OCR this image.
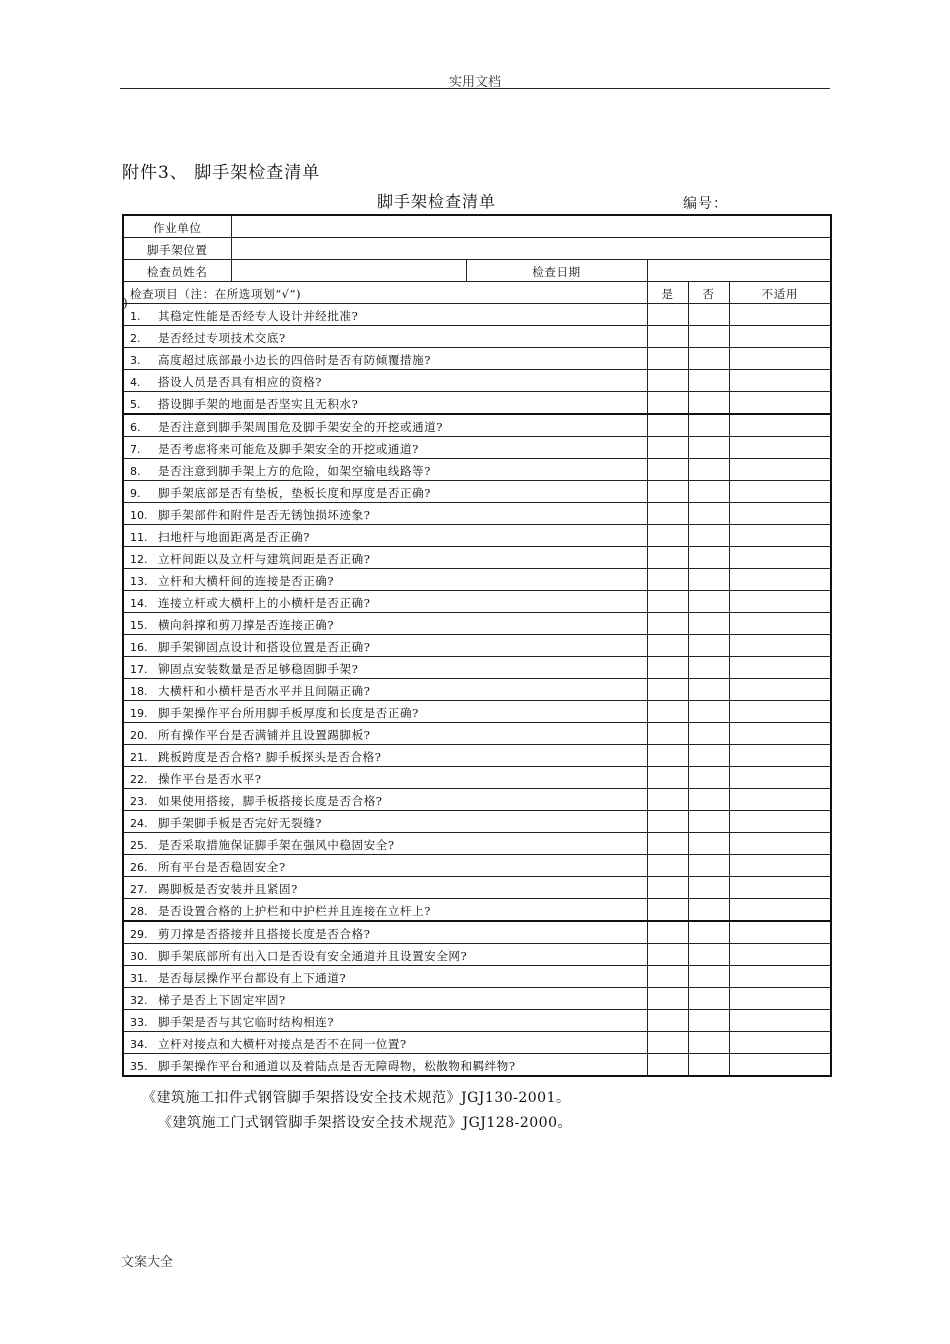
实用文档
附件3、 脚手架检查清单
脚手架检查清单	编号：
作业单位					
脚手架位置					
检查员姓名		检查日期			
检查项目（注：在所选项划“√”)			是	否	不适用

)
1. 其稳定性能是否经专人设计并经批准?					
2. 是否经过专项技术交底?					
3. 高度超过底部最小边长的四倍时是否有防倾覆措施?					
4. 搭设人员是否具有相应的资格?					
5. 搭设脚手架的地面是否坚实且无积水?					
6. 是否注意到脚手架周围危及脚手架安全的开挖或通道?					
7. 是否考虑将来可能危及脚手架安全的开挖或通道?					
8. 是否注意到脚手架上方的危险，如架空输电线路等?					
9. 脚手架底部是否有垫板，垫板长度和厚度是否正确?					
10. 脚手架部件和附件是否无锈蚀损坏迹象?					
11. 扫地杆与地面距离是否正确?					
12. 立杆间距以及立杆与建筑间距是否正确?					
13. 立杆和大横杆间的连接是否正确?					
14. 连接立杆或大横杆上的小横杆是否正确?					
15. 横向斜撑和剪刀撑是否连接正确?					
16. 脚手架铆固点设计和搭设位置是否正确?					
17. 铆固点安装数量是否足够稳固脚手架?					
18. 大横杆和小横杆是否水平并且间隔正确?					
19. 脚手架操作平台所用脚手板厚度和长度是否正确?					
20. 所有操作平台是否满铺并且设置踢脚板?					
21. 跳板跨度是否合格? 脚手板探头是否合格?					
22. 操作平台是否水平?					
23. 如果使用搭接，脚手板搭接长度是否合格?					
24. 脚手架脚手板是否完好无裂缝?					
25. 是否采取措施保证脚手架在强风中稳固安全?					
26. 所有平台是否稳固安全?					
27. 踢脚板是否安装并且紧固?					
28. 是否设置合格的上护栏和中护栏并且连接在立杆上?					
29. 剪刀撑是否搭接并且搭接长度是否合格?					
30. 脚手架底部所有出入口是否设有安全通道并且设置安全网?					
31. 是否每层操作平台都设有上下通道?					
32. 梯子是否上下固定牢固?					
33. 脚手架是否与其它临时结构相连?					
34. 立杆对接点和大横杆对接点是否不在同一位置?					
35. 脚手架操作平台和通道以及着陆点是否无障碍物，松散物和羁绊物?					
《建筑施工扣件式钢管脚手架搭设安全技术规范》JGJ130-2001。
《建筑施工门式钢管脚手架搭设安全技术规范》JGJ128-2000。
文案大全
